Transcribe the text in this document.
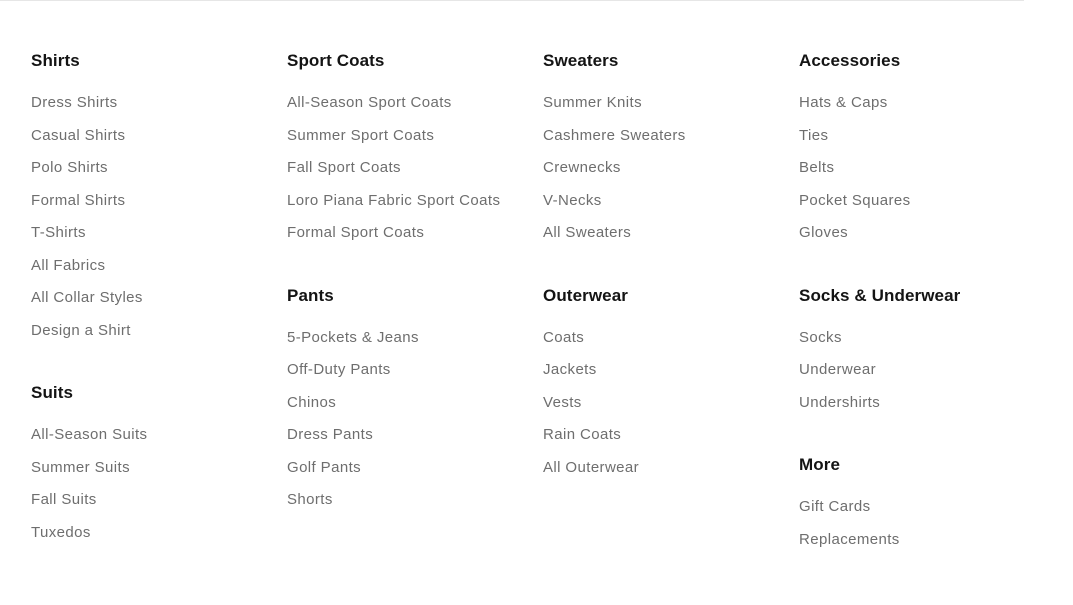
Shirts
Dress Shirts
Casual Shirts
Polo Shirts
Formal Shirts
T-Shirts
All Fabrics
All Collar Styles
Design a Shirt
Suits
All-Season Suits
Summer Suits
Fall Suits
Tuxedos
Sport Coats
All-Season Sport Coats
Summer Sport Coats
Fall Sport Coats
Loro Piana Fabric Sport Coats
Formal Sport Coats
Pants
5-Pockets & Jeans
Off-Duty Pants
Chinos
Dress Pants
Golf Pants
Shorts
Sweaters
Summer Knits
Cashmere Sweaters
Crewnecks
V-Necks
All Sweaters
Outerwear
Coats
Jackets
Vests
Rain Coats
All Outerwear
Accessories
Hats & Caps
Ties
Belts
Pocket Squares
Gloves
Socks & Underwear
Socks
Underwear
Undershirts
More
Gift Cards
Replacements
